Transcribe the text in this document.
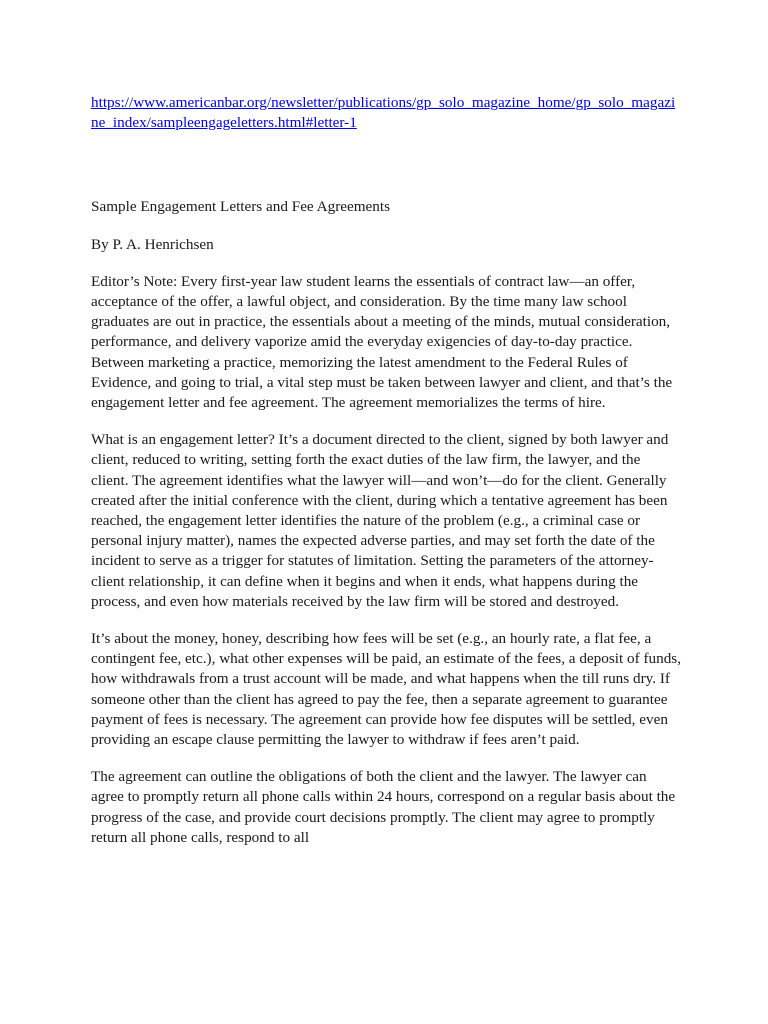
https://www.americanbar.org/newsletter/publications/gp_solo_magazine_home/gp_solo_magazine_index/sampleengageletters.html#letter-1
Sample Engagement Letters and Fee Agreements
By P. A. Henrichsen

Editor’s Note: Every first-year law student learns the essentials of contract law—an offer, acceptance of the offer, a lawful object, and consideration. By the time many law school graduates are out in practice, the essentials about a meeting of the minds, mutual consideration, performance, and delivery vaporize amid the everyday exigencies of day-to-day practice. Between marketing a practice, memorizing the latest amendment to the Federal Rules of Evidence, and going to trial, a vital step must be taken between lawyer and client, and that’s the engagement letter and fee agreement. The agreement memorializes the terms of hire.

What is an engagement letter? It’s a document directed to the client, signed by both lawyer and client, reduced to writing, setting forth the exact duties of the law firm, the lawyer, and the client. The agreement identifies what the lawyer will—and won’t—do for the client. Generally created after the initial conference with the client, during which a tentative agreement has been reached, the engagement letter identifies the nature of the problem (e.g., a criminal case or personal injury matter), names the expected adverse parties, and may set forth the date of the incident to serve as a trigger for statutes of limitation. Setting the parameters of the attorney-client relationship, it can define when it begins and when it ends, what happens during the process, and even how materials received by the law firm will be stored and destroyed.

It’s about the money, honey, describing how fees will be set (e.g., an hourly rate, a flat fee, a contingent fee, etc.), what other expenses will be paid, an estimate of the fees, a deposit of funds, how withdrawals from a trust account will be made, and what happens when the till runs dry. If someone other than the client has agreed to pay the fee, then a separate agreement to guarantee payment of fees is necessary. The agreement can provide how fee disputes will be settled, even providing an escape clause permitting the lawyer to withdraw if fees aren’t paid.

The agreement can outline the obligations of both the client and the lawyer. The lawyer can agree to promptly return all phone calls within 24 hours, correspond on a regular basis about the progress of the case, and provide court decisions promptly. The client may agree to promptly return all phone calls, respond to all
